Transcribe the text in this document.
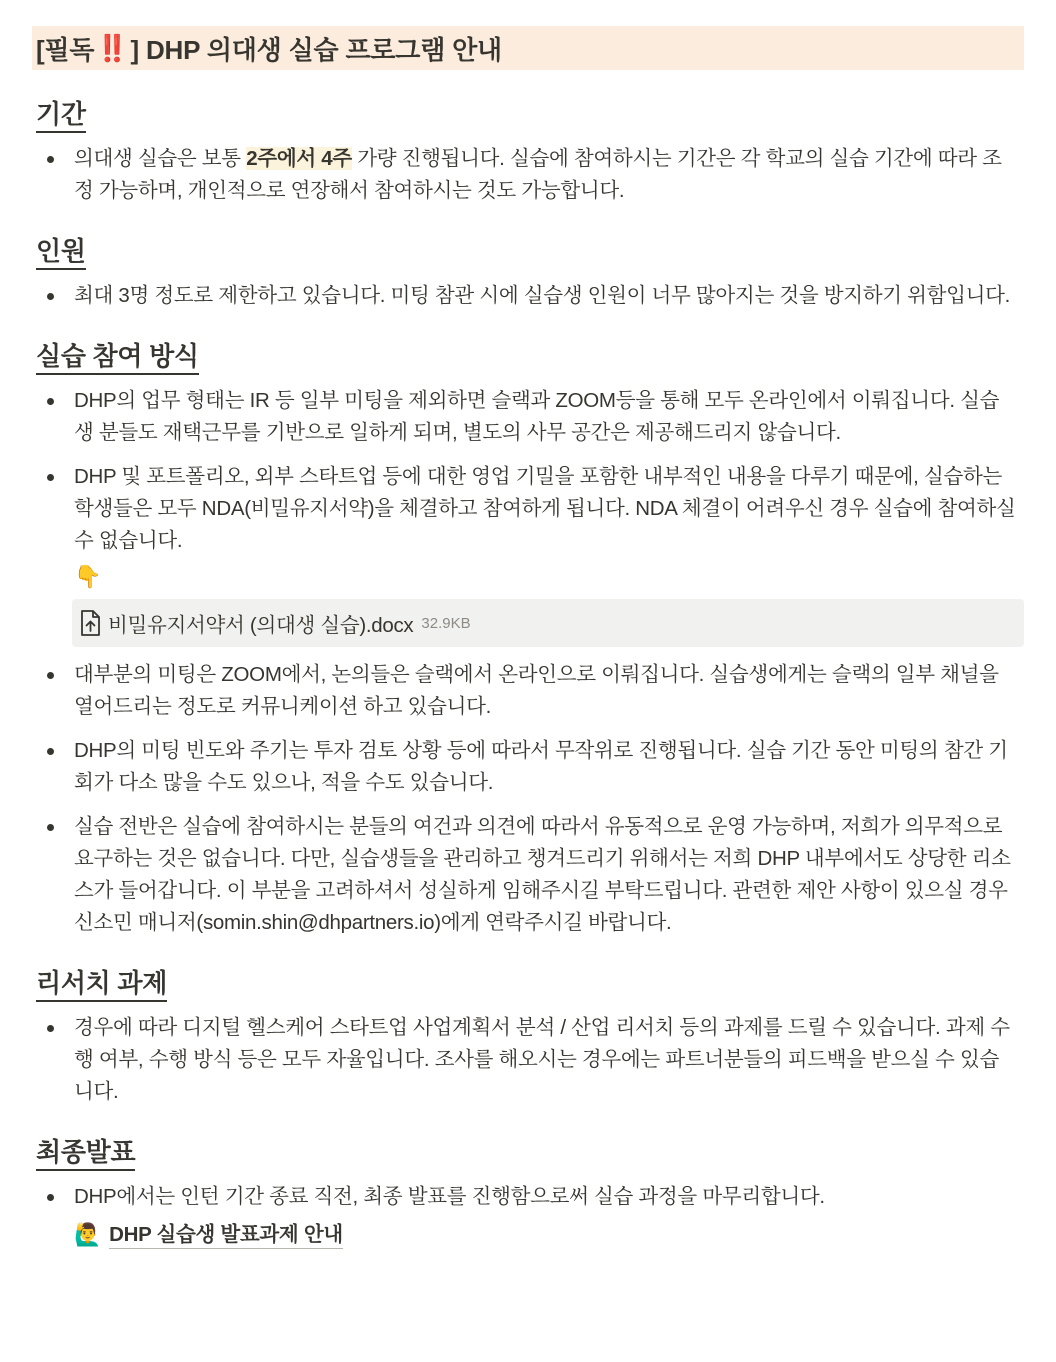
[필독 ‼️ ] DHP 의대생 실습 프로그램 안내
기간
의대생 실습은 보통 2주에서 4주 가량 진행됩니다. 실습에 참여하시는 기간은 각 학교의 실습 기간에 따라 조정 가능하며, 개인적으로 연장해서 참여하시는 것도 가능합니다.
인원
최대 3명 정도로 제한하고 있습니다. 미팅 참관 시에 실습생 인원이 너무 많아지는 것을 방지하기 위함입니다.
실습 참여 방식
DHP의 업무 형태는 IR 등 일부 미팅을 제외하면 슬랙과 ZOOM등을 통해 모두 온라인에서 이뤄집니다. 실습생 분들도 재택근무를 기반으로 일하게 되며, 별도의 사무 공간은 제공해드리지 않습니다.
DHP 및 포트폴리오, 외부 스타트업 등에 대한 영업 기밀을 포함한 내부적인 내용을 다루기 때문에, 실습하는 학생들은 모두 NDA(비밀유지서약)을 체결하고 참여하게 됩니다. NDA 체결이 어려우신 경우 실습에 참여하실 수 없습니다.
👇
비밀유지서약서 (의대생 실습).docx 32.9KB
대부분의 미팅은 ZOOM에서, 논의들은 슬랙에서 온라인으로 이뤄집니다. 실습생에게는 슬랙의 일부 채널을 열어드리는 정도로 커뮤니케이션 하고 있습니다.
DHP의 미팅 빈도와 주기는 투자 검토 상황 등에 따라서 무작위로 진행됩니다. 실습 기간 동안 미팅의 참간 기회가 다소 많을 수도 있으나, 적을 수도 있습니다.
실습 전반은 실습에 참여하시는 분들의 여건과 의견에 따라서 유동적으로 운영 가능하며, 저희가 의무적으로 요구하는 것은 없습니다. 다만, 실습생들을 관리하고 챙겨드리기 위해서는 저희 DHP 내부에서도 상당한 리소스가 들어갑니다. 이 부분을 고려하셔서 성실하게 임해주시길 부탁드립니다. 관련한 제안 사항이 있으실 경우 신소민 매니저(somin.shin@dhpartners.io)에게 연락주시길 바랍니다.
리서치 과제
경우에 따라 디지털 헬스케어 스타트업 사업계획서 분석 / 산업 리서치 등의 과제를 드릴 수 있습니다. 과제 수행 여부, 수행 방식 등은 모두 자율입니다. 조사를 해오시는 경우에는 파트너분들의 피드백을 받으실 수 있습니다.
최종발표
DHP에서는 인턴 기간 종료 직전, 최종 발표를 진행함으로써 실습 과정을 마무리합니다.
🙋‍♂️ DHP 실습생 발표과제 안내
